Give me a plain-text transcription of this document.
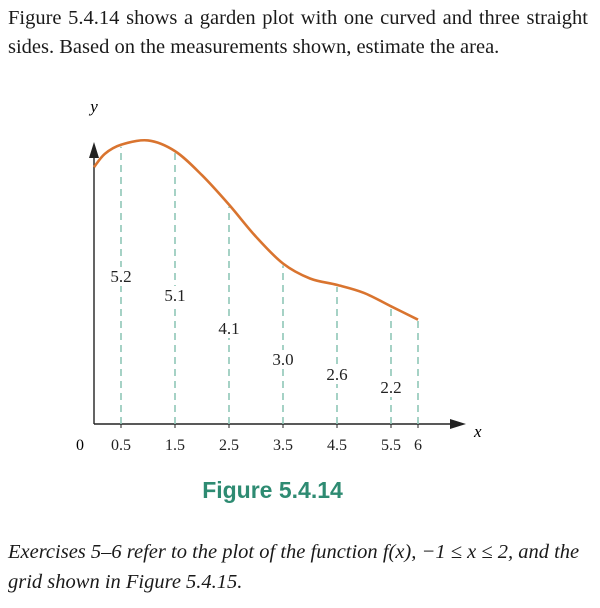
Figure 5.4.14 shows a garden plot with one curved and three straight sides. Based on the measurements shown, estimate the area.

0.5 1.5 2.5 3.5 4.5 5.5 6
5.2
5.1
4.1
3.0
2.6
2.2
y
x
0
Figure 5.4.14

Exercises 5–6 refer to the plot of the function f(x), −1 ≤ x ≤ 2, and the grid shown in Figure 5.4.15.
